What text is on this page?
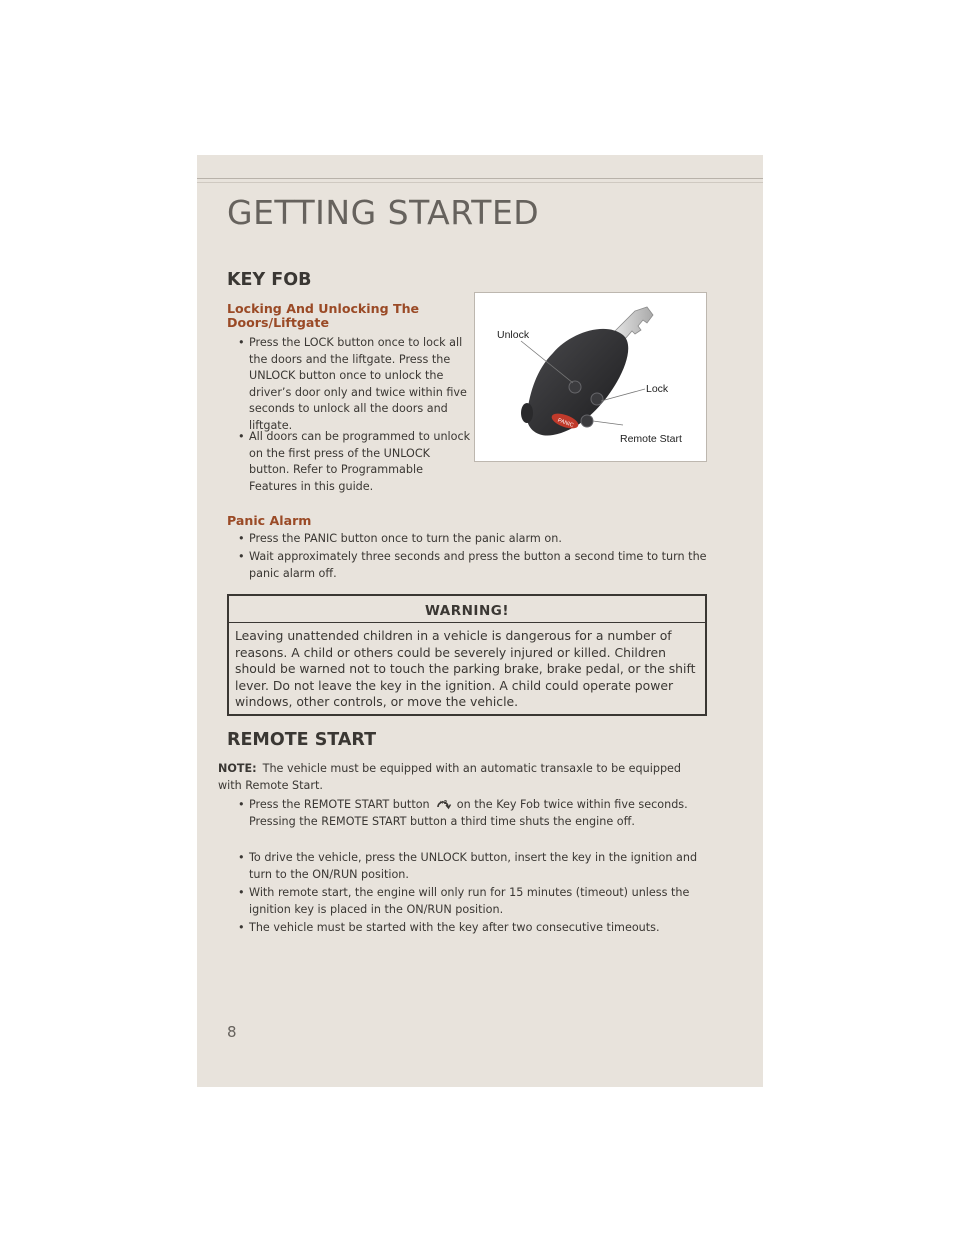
GETTING STARTED
KEY FOB
Locking And Unlocking The Doors/Liftgate
• Press the LOCK button once to lock all the doors and the liftgate. Press the UNLOCK button once to unlock the driver’s door only and twice within five seconds to unlock all the doors and liftgate.
• All doors can be programmed to unlock on the first press of the UNLOCK button. Refer to Programmable Features in this guide.
PANIC
Unlock
Lock
Remote Start
Panic Alarm
• Press the PANIC button once to turn the panic alarm on.
• Wait approximately three seconds and press the button a second time to turn the panic alarm off.
WARNING!
Leaving unattended children in a vehicle is dangerous for a number of reasons. A child or others could be severely injured or killed. Children should be warned not to touch the parking brake, brake pedal, or the shift lever. Do not leave the key in the ignition. A child could operate power windows, other controls, or move the vehicle.
REMOTE START
NOTE: The vehicle must be equipped with an automatic transaxle to be equipped with Remote Start.
• Press the REMOTE START button ×2 on the Key Fob twice within five seconds. Pressing the REMOTE START button a third time shuts the engine off.
• To drive the vehicle, press the UNLOCK button, insert the key in the ignition and turn to the ON/RUN position.
• With remote start, the engine will only run for 15 minutes (timeout) unless the ignition key is placed in the ON/RUN position.
• The vehicle must be started with the key after two consecutive timeouts.
8
